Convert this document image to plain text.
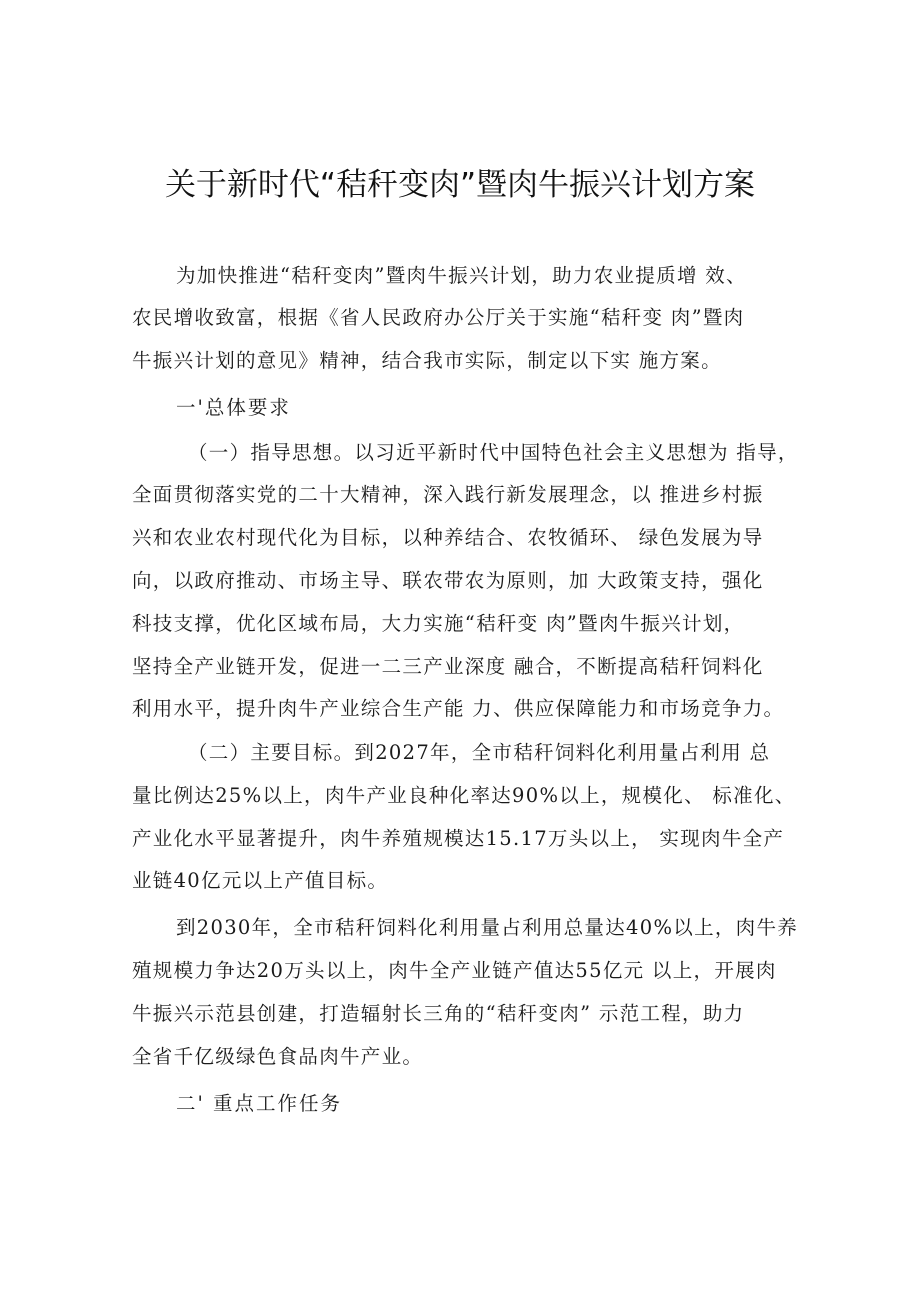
关于新时代“秸秆变肉”暨肉牛振兴计划方案

为加快推进“秸秆变肉”暨肉牛振兴计划，助力农业提质增 效、

农民增收致富，根据《省人民政府办公厅关于实施“秸秆变 肉”暨肉

牛振兴计划的意见》精神，结合我市实际，制定以下实 施方案。

一'总体要求

（一）指导思想。以习近平新时代中国特色社会主义思想为 指导，

全面贯彻落实党的二十大精神，深入践行新发展理念，以 推进乡村振

兴和农业农村现代化为目标，以种养结合、农牧循环、 绿色发展为导

向，以政府推动、市场主导、联农带农为原则，加 大政策支持，强化

科技支撑，优化区域布局，大力实施“秸秆变 肉”暨肉牛振兴计划，

坚持全产业链开发，促进一二三产业深度 融合，不断提高秸秆饲料化

利用水平，提升肉牛产业综合生产能 力、供应保障能力和市场竞争力。

（二）主要目标。到2027年，全市秸秆饲料化利用量占利用 总

量比例达25%以上，肉牛产业良种化率达90%以上，规模化、 标准化、

产业化水平显著提升，肉牛养殖规模达15.17万头以上， 实现肉牛全产

业链40亿元以上产值目标。

到2030年，全市秸秆饲料化利用量占利用总量达40%以上，肉牛养

殖规模力争达20万头以上，肉牛全产业链产值达55亿元 以上，开展肉

牛振兴示范县创建，打造辐射长三角的“秸秆变肉” 示范工程，助力

全省千亿级绿色食品肉牛产业。

二' 重点工作任务
